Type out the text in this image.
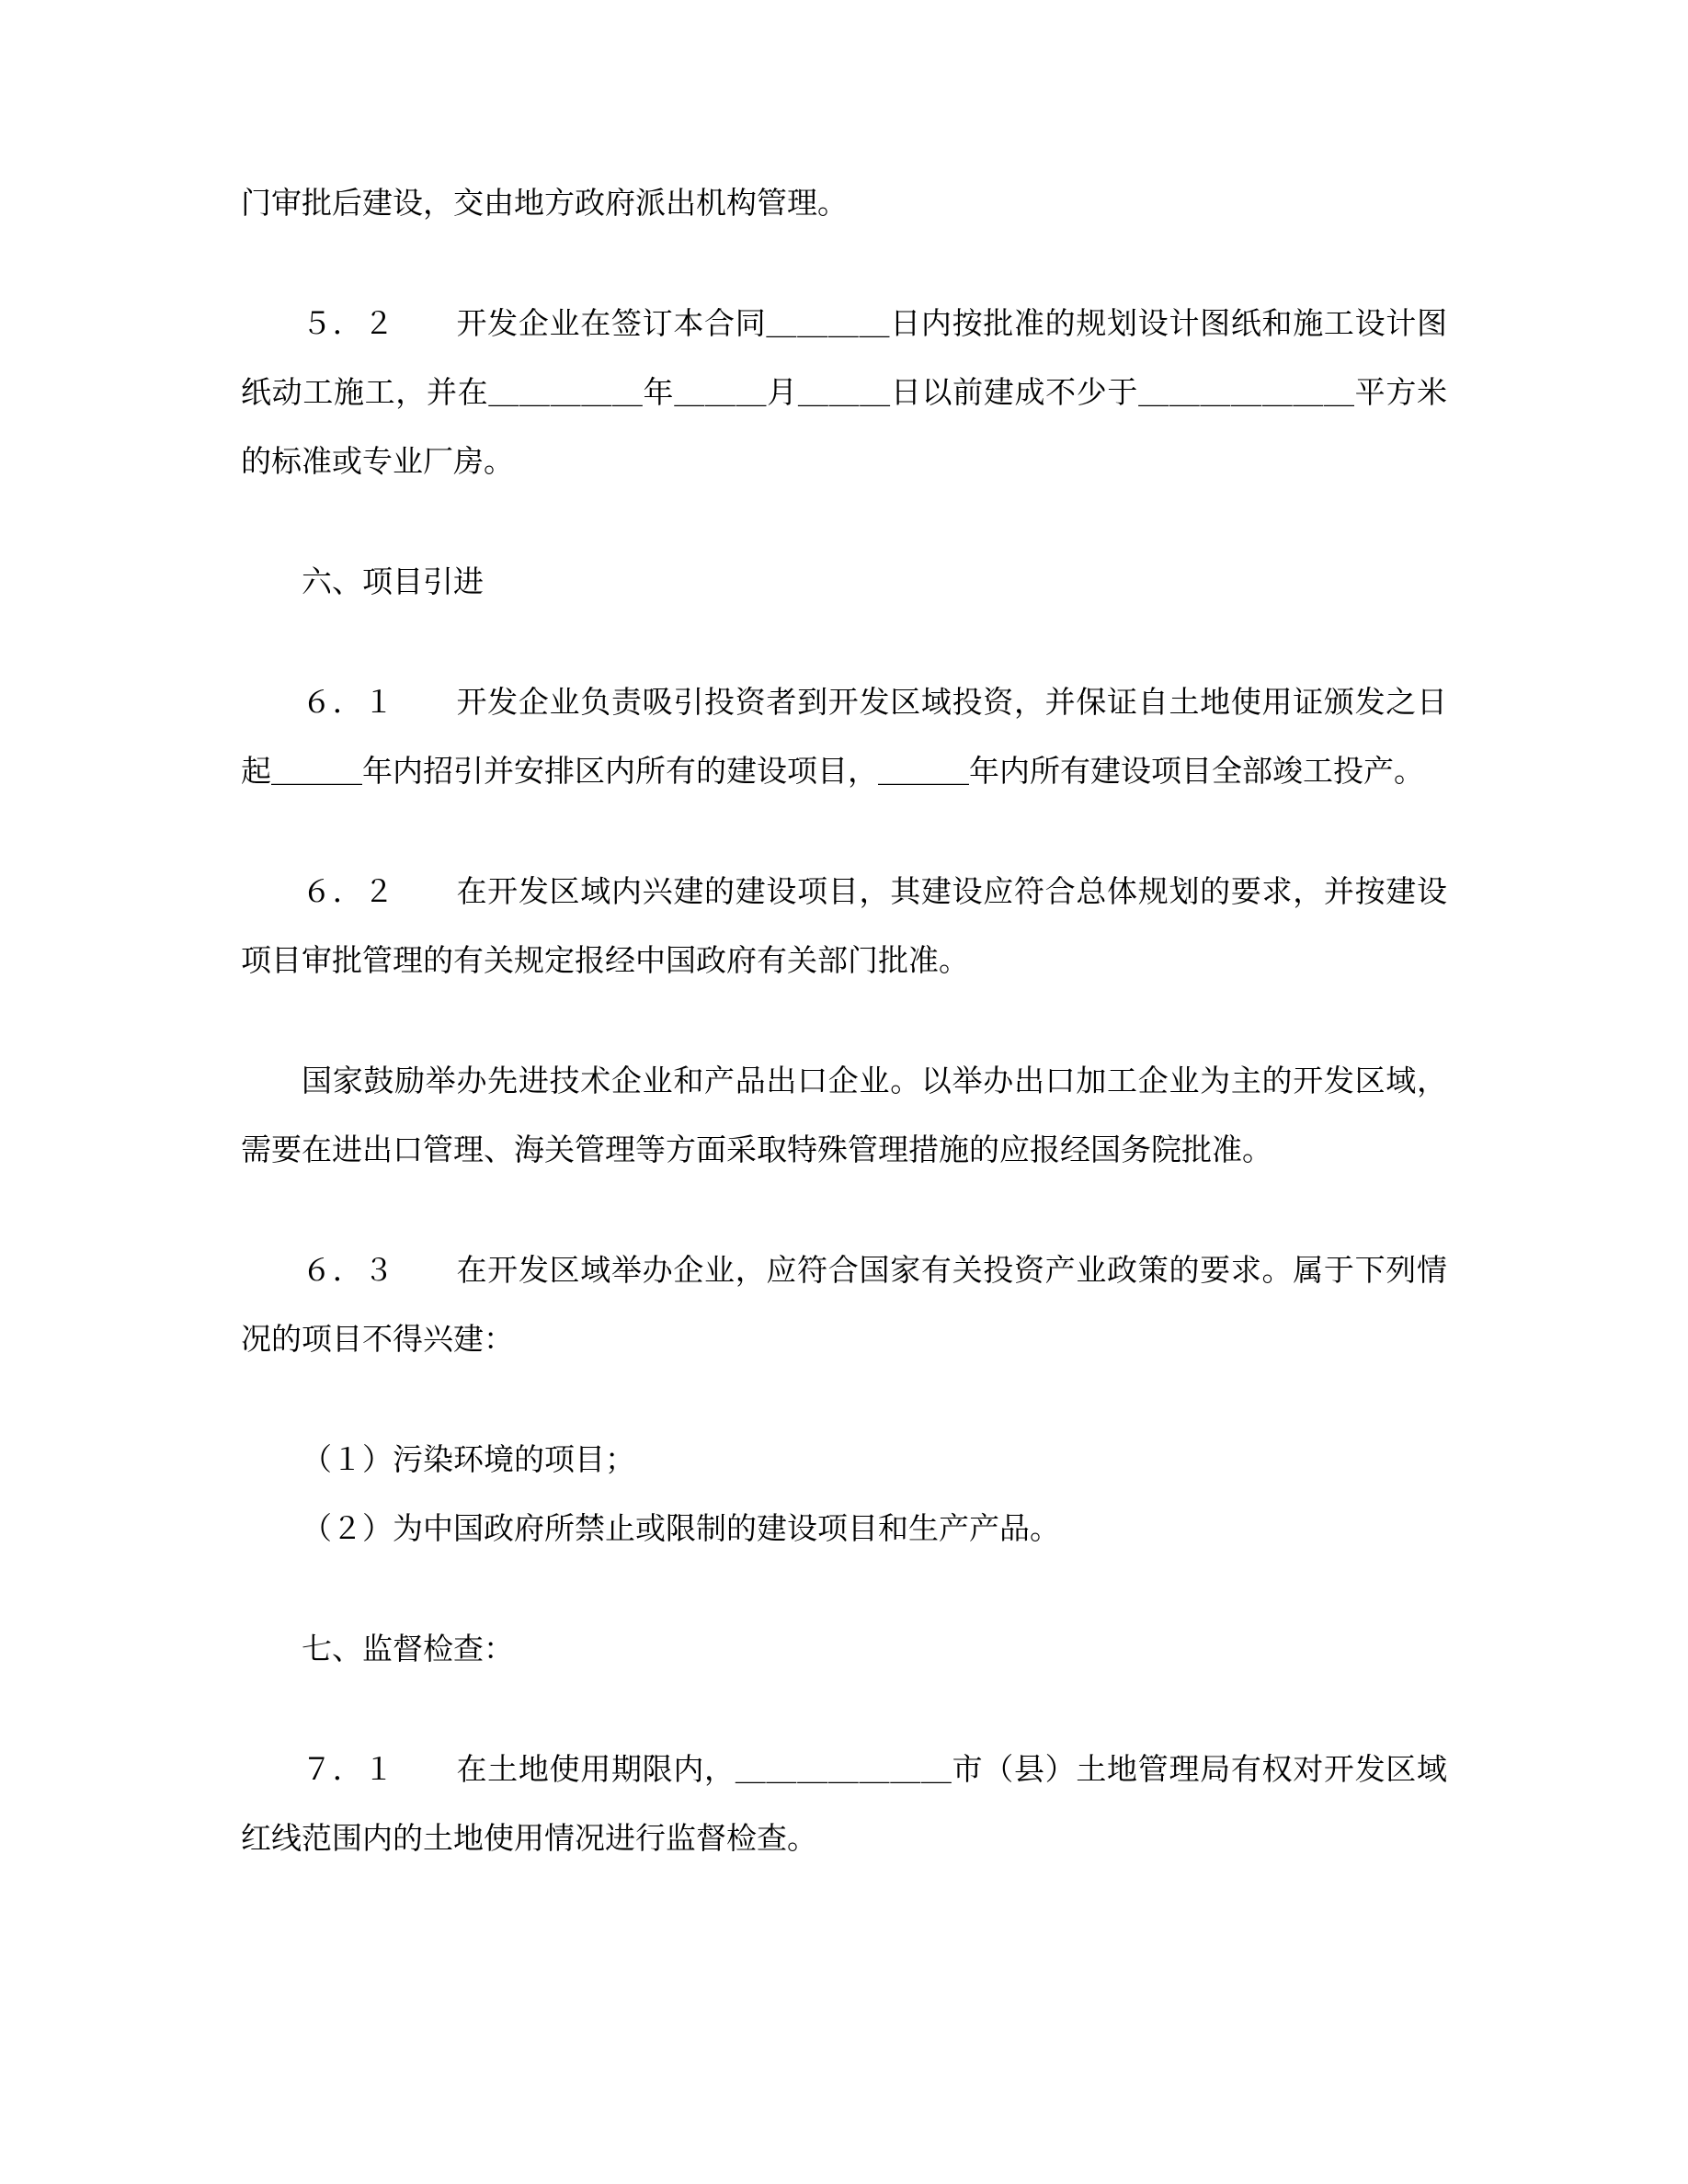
门审批后建设，交由地方政府派出机构管理。

５．２　　开发企业在签订本合同＿＿＿＿日内按批准的规划设计图纸和施工设计图纸动工施工，并在＿＿＿＿＿年＿＿＿月＿＿＿日以前建成不少于＿＿＿＿＿＿＿平方米的标准或专业厂房。

六、项目引进

６．１　　开发企业负责吸引投资者到开发区域投资，并保证自土地使用证颁发之日起＿＿＿年内招引并安排区内所有的建设项目，＿＿＿年内所有建设项目全部竣工投产。

６．２　　在开发区域内兴建的建设项目，其建设应符合总体规划的要求，并按建设项目审批管理的有关规定报经中国政府有关部门批准。

国家鼓励举办先进技术企业和产品出口企业。以举办出口加工企业为主的开发区域，需要在进出口管理、海关管理等方面采取特殊管理措施的应报经国务院批准。

６．３　　在开发区域举办企业，应符合国家有关投资产业政策的要求。属于下列情况的项目不得兴建：

（１）污染环境的项目；

（２）为中国政府所禁止或限制的建设项目和生产产品。

七、监督检查：

７．１　　在土地使用期限内，＿＿＿＿＿＿＿市（县）土地管理局有权对开发区域红线范围内的土地使用情况进行监督检查。
